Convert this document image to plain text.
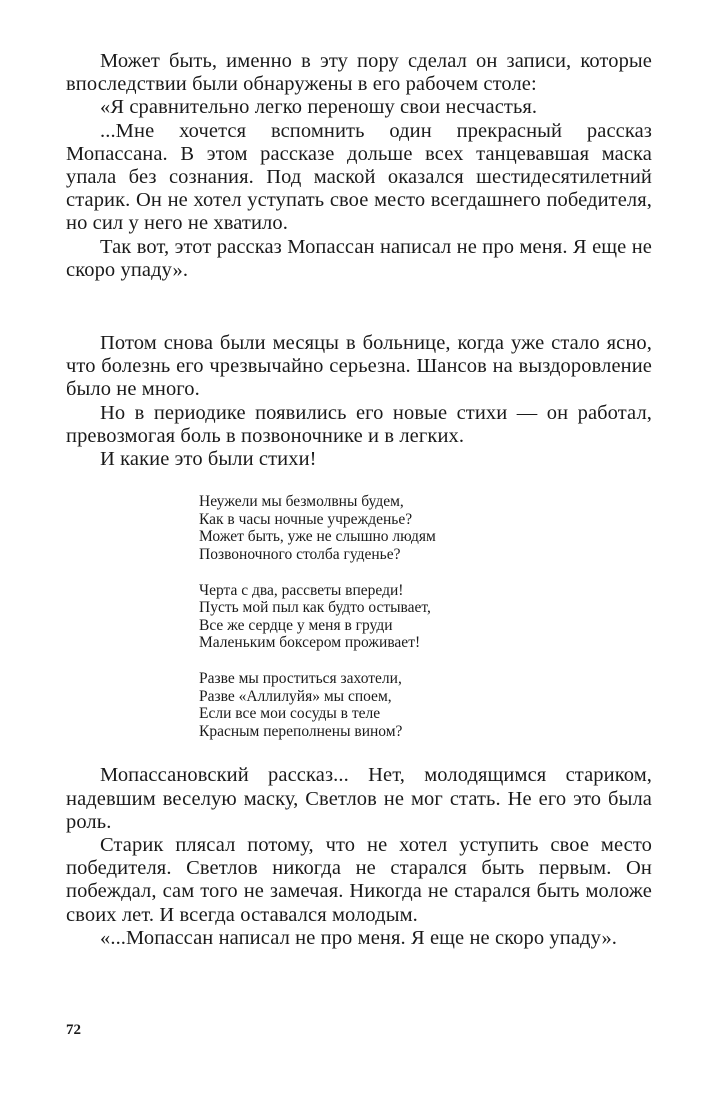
Может быть, именно в эту пору сделал он записи, которые впоследствии были обнаружены в его рабочем столе:

«Я сравнительно легко переношу свои несчастья.

...Мне хочется вспомнить один прекрасный рассказ Мопассана. В этом рассказе дольше всех танцевавшая маска упала без сознания. Под маской оказался шестидесятилетний старик. Он не хотел уступать свое место всегдашнего победителя, но сил у него не хватило.

Так вот, этот рассказ Мопассан написал не про меня. Я еще не скоро упаду».

Потом снова были месяцы в больнице, когда уже стало ясно, что болезнь его чрезвычайно серьезна. Шансов на выздоровление было не много.

Но в периодике появились его новые стихи — он работал, превозмогая боль в позвоночнике и в легких.

И какие это были стихи!

Неужели мы безмолвны будем,
Как в часы ночные учрежденье?
Может быть, уже не слышно людям
Позвоночного столба гуденье?
Черта с два, рассветы впереди!
Пусть мой пыл как будто остывает,
Все же сердце у меня в груди
Маленьким боксером проживает!
Разве мы проститься захотели,
Разве «Аллилуйя» мы споем,
Если все мои сосуды в теле
Красным переполнены вином?

Мопассановский рассказ... Нет, молодящимся стариком, надевшим веселую маску, Светлов не мог стать. Не его это была роль.

Старик плясал потому, что не хотел уступить свое место победителя. Светлов никогда не старался быть первым. Он побеждал, сам того не замечая. Никогда не старался быть моложе своих лет. И всегда оставался молодым.

«...Мопассан написал не про меня. Я еще не скоро упаду».

72
